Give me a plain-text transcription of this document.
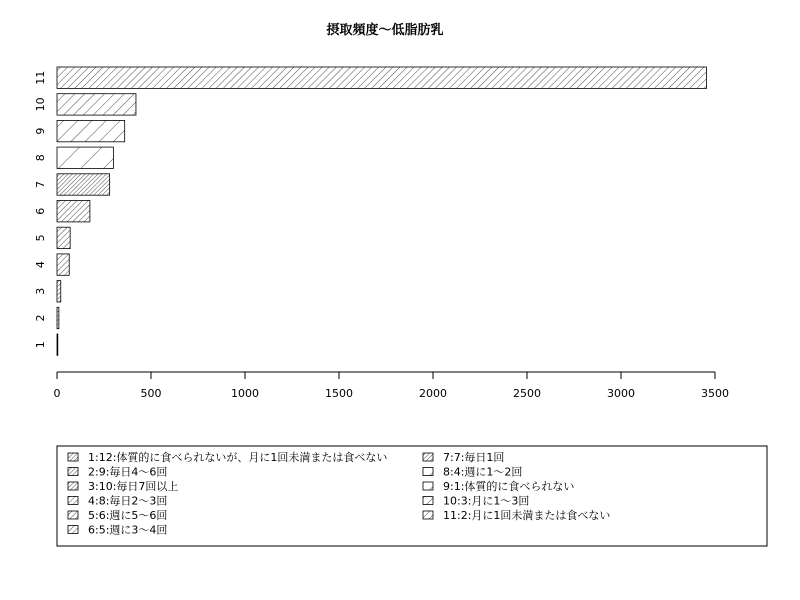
摂取頻度〜低脂肪乳
1
2
3
4
5
6
7
8
9
10
11
0	500	1000	1500	2000	2500	3000	3500
1:12:体質的に食べられないが、月に1回未満または食べない
2:9:毎日4〜6回
3:10:毎日7回以上
4:8:毎日2〜3回
5:6:週に5〜6回
6:5:週に3〜4回
7:7:毎日1回
8:4:週に1〜2回
9:1:体質的に食べられない
10:3:月に1〜3回
11:2:月に1回未満または食べない
